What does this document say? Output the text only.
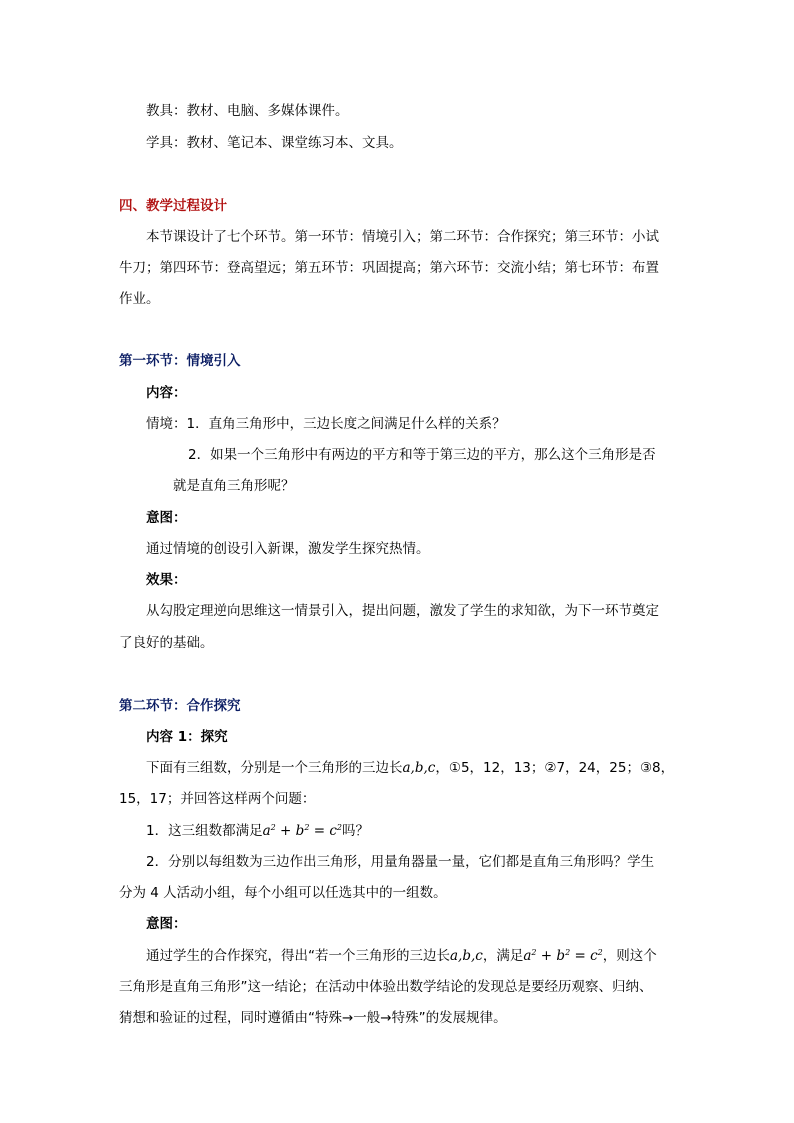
教具：教材、电脑、多媒体课件。
学具：教材、笔记本、课堂练习本、文具。
四、教学过程设计
本节课设计了七个环节。第一环节：情境引入；第二环节：合作探究；第三环节：小试
牛刀；第四环节：登高望远；第五环节：巩固提高；第六环节：交流小结；第七环节：布置
作业。
第一环节：情境引入
内容：
情境：1．直角三角形中，三边长度之间满足什么样的关系？
2．如果一个三角形中有两边的平方和等于第三边的平方，那么这个三角形是否
就是直角三角形呢？
意图：
通过情境的创设引入新课，激发学生探究热情。
效果：
从勾股定理逆向思维这一情景引入，提出问题，激发了学生的求知欲，为下一环节奠定
了良好的基础。
第二环节：合作探究
内容 1：探究
下面有三组数，分别是一个三角形的三边长a,b,c，①5，12，13；②7，24，25；③8，
15，17；并回答这样两个问题：
1．这三组数都满足$a^2 + b^2 = c^2$吗？
2．分别以每组数为三边作出三角形，用量角器量一量，它们都是直角三角形吗？学生
分为 4 人活动小组，每个小组可以任选其中的一组数。
意图：
通过学生的合作探究，得出“若一个三角形的三边长a,b,c，满足$a^2 + b^2 = c^2$，则这个
三角形是直角三角形”这一结论；在活动中体验出数学结论的发现总是要经历观察、归纳、
猜想和验证的过程，同时遵循由“特殊→一般→特殊”的发展规律。
